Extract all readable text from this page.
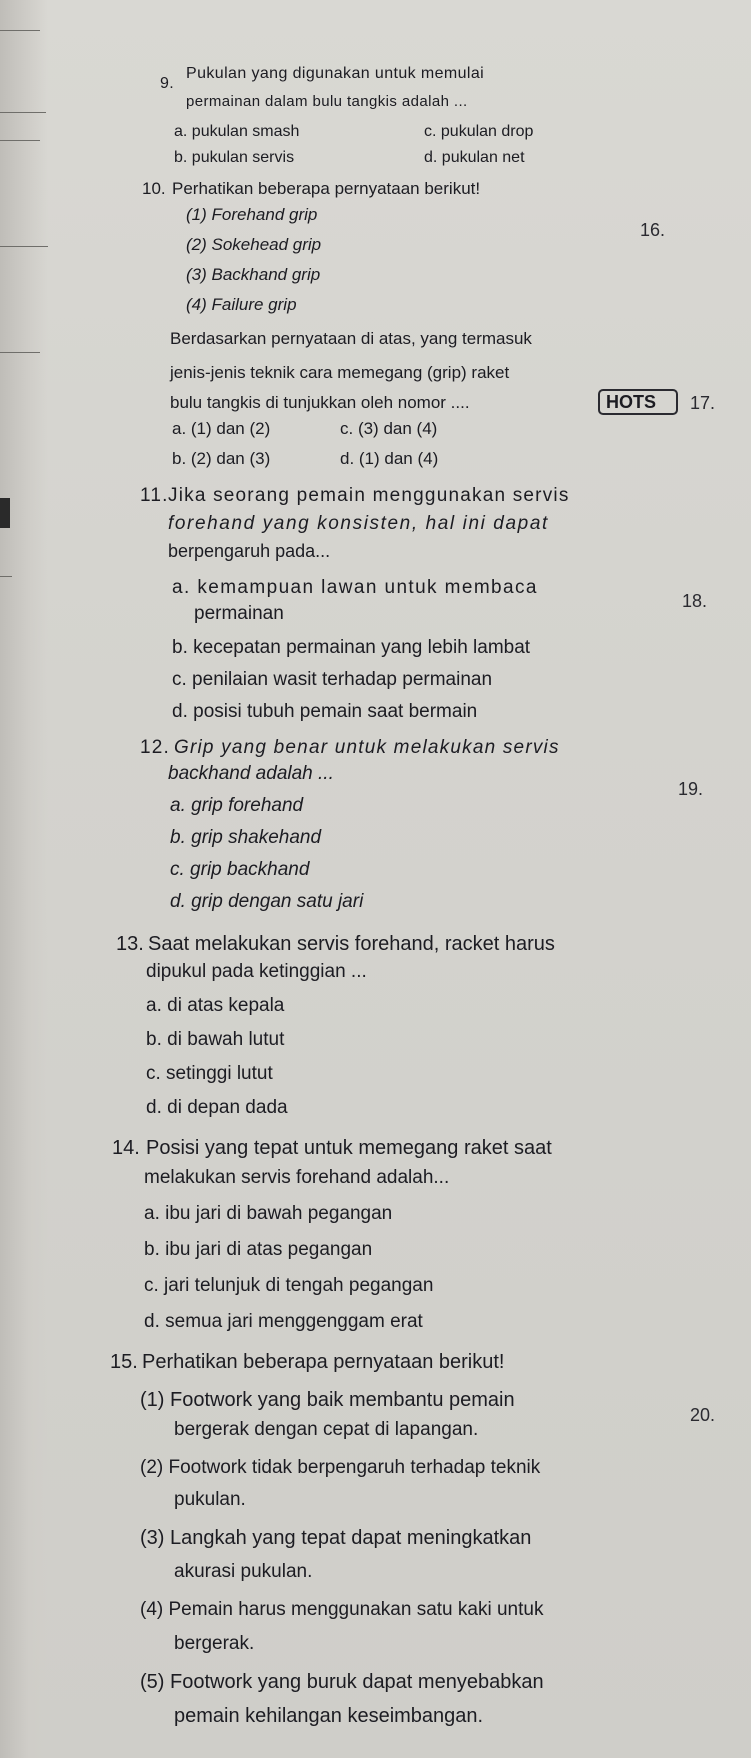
16.
17.
18.
19.
20.
9.
Pukulan yang digunakan untuk memulai
permainan dalam bulu tangkis adalah ...
a. pukulan smash	c. pukulan drop
b. pukulan servis	d. pukulan net
10. Perhatikan beberapa pernyataan berikut!
(1) Forehand grip
(2) Sokehead grip
(3) Backhand grip
(4) Failure grip
Berdasarkan pernyataan di atas, yang termasuk
jenis-jenis teknik cara memegang (grip) raket
bulu tangkis di tunjukkan oleh nomor ....	HOTS
a. (1) dan (2)	c. (3) dan (4)
b. (2) dan (3)	d. (1) dan (4)
11. Jika seorang pemain menggunakan servis
forehand yang konsisten, hal ini dapat
berpengaruh pada...
a. kemampuan lawan untuk membaca
permainan
b. kecepatan permainan yang lebih lambat
c. penilaian wasit terhadap permainan
d. posisi tubuh pemain saat bermain
12. Grip yang benar untuk melakukan servis
backhand adalah ...
a. grip forehand
b. grip shakehand
c. grip backhand
d. grip dengan satu jari
13. Saat melakukan servis forehand, racket harus
dipukul pada ketinggian ...
a. di atas kepala
b. di bawah lutut
c. setinggi lutut
d. di depan dada
14. Posisi yang tepat untuk memegang raket saat
melakukan servis forehand adalah...
a. ibu jari di bawah pegangan
b. ibu jari di atas pegangan
c. jari telunjuk di tengah pegangan
d. semua jari menggenggam erat
15. Perhatikan beberapa pernyataan berikut!
(1) Footwork yang baik membantu pemain
bergerak dengan cepat di lapangan.
(2) Footwork tidak berpengaruh terhadap teknik
pukulan.
(3) Langkah yang tepat dapat meningkatkan
akurasi pukulan.
(4) Pemain harus menggunakan satu kaki untuk
bergerak.
(5) Footwork yang buruk dapat menyebabkan
pemain kehilangan keseimbangan.
